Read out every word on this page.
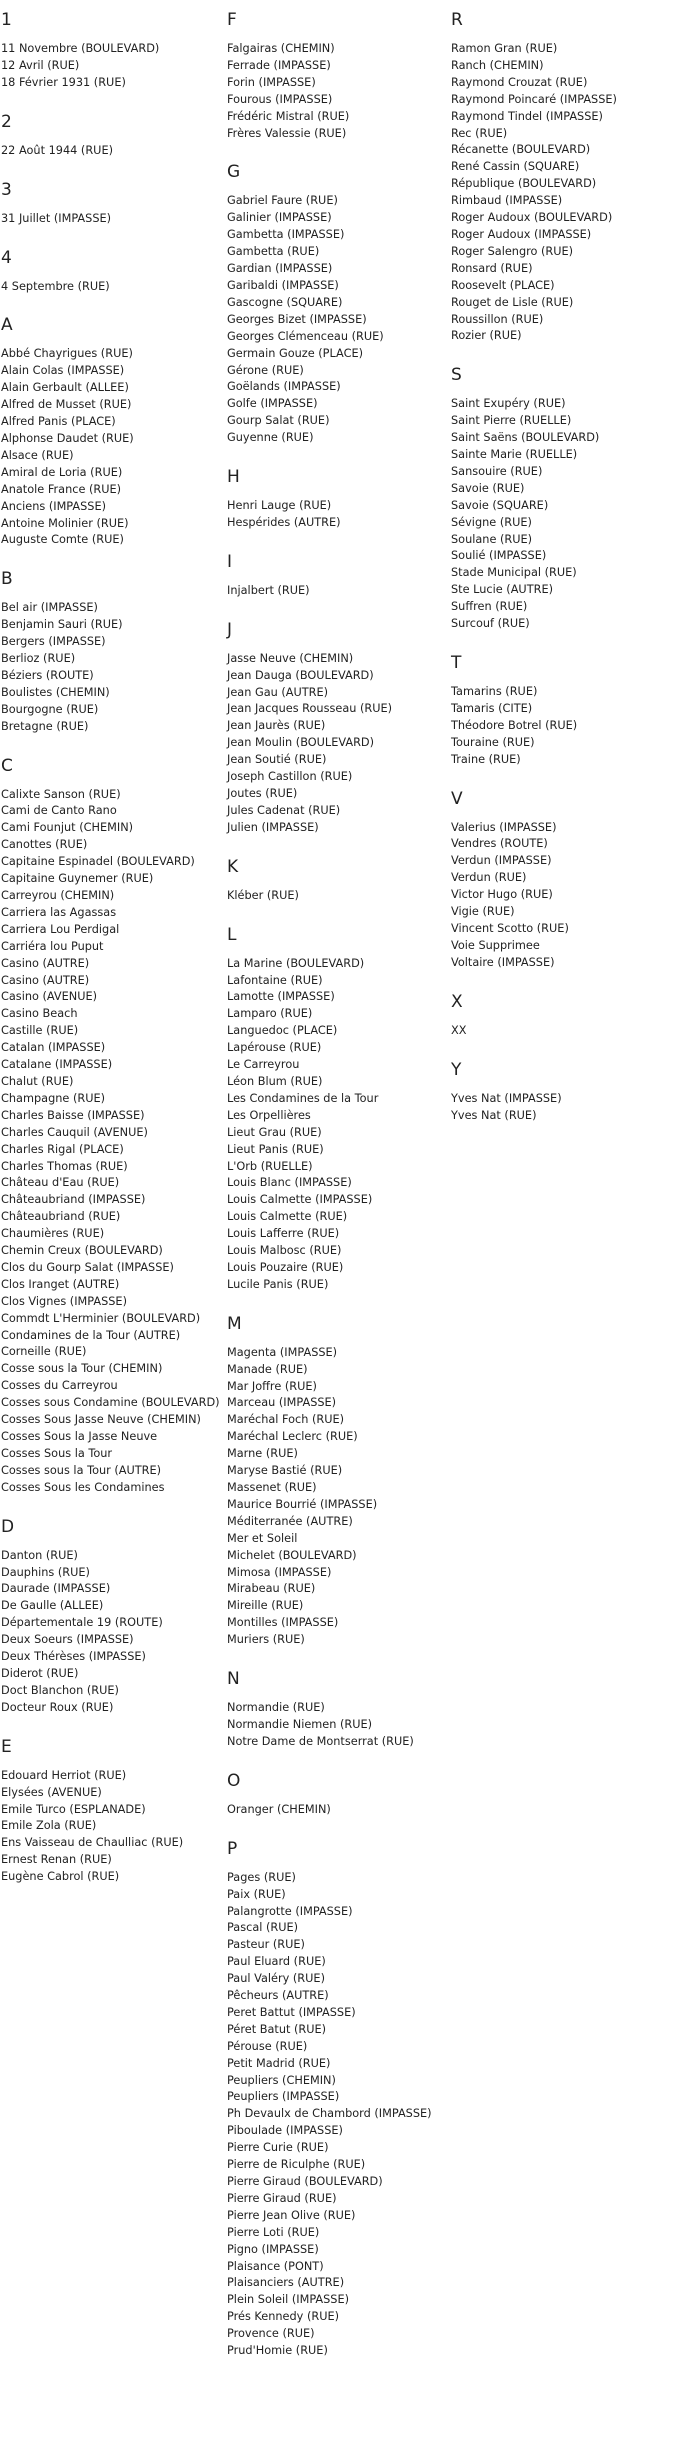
1
11 Novembre (BOULEVARD)
12 Avril (RUE)
18 Février 1931 (RUE)
2
22 Août 1944 (RUE)
3
31 Juillet (IMPASSE)
4
4 Septembre (RUE)
A
Abbé Chayrigues (RUE)
Alain Colas (IMPASSE)
Alain Gerbault (ALLEE)
Alfred de Musset (RUE)
Alfred Panis (PLACE)
Alphonse Daudet (RUE)
Alsace (RUE)
Amiral de Loria (RUE)
Anatole France (RUE)
Anciens (IMPASSE)
Antoine Molinier (RUE)
Auguste Comte (RUE)
B
Bel air (IMPASSE)
Benjamin Sauri (RUE)
Bergers (IMPASSE)
Berlioz (RUE)
Béziers (ROUTE)
Boulistes (CHEMIN)
Bourgogne (RUE)
Bretagne (RUE)
C
Calixte Sanson (RUE)
Cami de Canto Rano
Cami Founjut (CHEMIN)
Canottes (RUE)
Capitaine Espinadel (BOULEVARD)
Capitaine Guynemer (RUE)
Carreyrou (CHEMIN)
Carriera las Agassas
Carriera Lou Perdigal
Carriéra lou Puput
Casino (AUTRE)
Casino (AUTRE)
Casino (AVENUE)
Casino Beach
Castille (RUE)
Catalan (IMPASSE)
Catalane (IMPASSE)
Chalut (RUE)
Champagne (RUE)
Charles Baisse (IMPASSE)
Charles Cauquil (AVENUE)
Charles Rigal (PLACE)
Charles Thomas (RUE)
Château d'Eau (RUE)
Châteaubriand (IMPASSE)
Châteaubriand (RUE)
Chaumières (RUE)
Chemin Creux (BOULEVARD)
Clos du Gourp Salat (IMPASSE)
Clos Iranget (AUTRE)
Clos Vignes (IMPASSE)
Commdt L'Herminier (BOULEVARD)
Condamines de la Tour (AUTRE)
Corneille (RUE)
Cosse sous la Tour (CHEMIN)
Cosses du Carreyrou
Cosses sous Condamine (BOULEVARD)
Cosses Sous Jasse Neuve (CHEMIN)
Cosses Sous la Jasse Neuve
Cosses Sous la Tour
Cosses sous la Tour (AUTRE)
Cosses Sous les Condamines
D
Danton (RUE)
Dauphins (RUE)
Daurade (IMPASSE)
De Gaulle (ALLEE)
Départementale 19 (ROUTE)
Deux Soeurs (IMPASSE)
Deux Thérèses (IMPASSE)
Diderot (RUE)
Doct Blanchon (RUE)
Docteur Roux (RUE)
E
Edouard Herriot (RUE)
Elysées (AVENUE)
Emile Turco (ESPLANADE)
Emile Zola (RUE)
Ens Vaisseau de Chaulliac (RUE)
Ernest Renan (RUE)
Eugène Cabrol (RUE)
F
Falgairas (CHEMIN)
Ferrade (IMPASSE)
Forin (IMPASSE)
Fourous (IMPASSE)
Frédéric Mistral (RUE)
Frères Valessie (RUE)
G
Gabriel Faure (RUE)
Galinier (IMPASSE)
Gambetta (IMPASSE)
Gambetta (RUE)
Gardian (IMPASSE)
Garibaldi (IMPASSE)
Gascogne (SQUARE)
Georges Bizet (IMPASSE)
Georges Clémenceau (RUE)
Germain Gouze (PLACE)
Gérone (RUE)
Goëlands (IMPASSE)
Golfe (IMPASSE)
Gourp Salat (RUE)
Guyenne (RUE)
H
Henri Lauge (RUE)
Hespérides (AUTRE)
I
Injalbert (RUE)
J
Jasse Neuve (CHEMIN)
Jean Dauga (BOULEVARD)
Jean Gau (AUTRE)
Jean Jacques Rousseau (RUE)
Jean Jaurès (RUE)
Jean Moulin (BOULEVARD)
Jean Soutié (RUE)
Joseph Castillon (RUE)
Joutes (RUE)
Jules Cadenat (RUE)
Julien (IMPASSE)
K
Kléber (RUE)
L
La Marine (BOULEVARD)
Lafontaine (RUE)
Lamotte (IMPASSE)
Lamparo (RUE)
Languedoc (PLACE)
Lapérouse (RUE)
Le Carreyrou
Léon Blum (RUE)
Les Condamines de la Tour
Les Orpellières
Lieut Grau (RUE)
Lieut Panis (RUE)
L'Orb (RUELLE)
Louis Blanc (IMPASSE)
Louis Calmette (IMPASSE)
Louis Calmette (RUE)
Louis Lafferre (RUE)
Louis Malbosc (RUE)
Louis Pouzaire (RUE)
Lucile Panis (RUE)
M
Magenta (IMPASSE)
Manade (RUE)
Mar Joffre (RUE)
Marceau (IMPASSE)
Maréchal Foch (RUE)
Maréchal Leclerc (RUE)
Marne (RUE)
Maryse Bastié (RUE)
Massenet (RUE)
Maurice Bourrié (IMPASSE)
Méditerranée (AUTRE)
Mer et Soleil
Michelet (BOULEVARD)
Mimosa (IMPASSE)
Mirabeau (RUE)
Mireille (RUE)
Montilles (IMPASSE)
Muriers (RUE)
N
Normandie (RUE)
Normandie Niemen (RUE)
Notre Dame de Montserrat (RUE)
O
Oranger (CHEMIN)
P
Pages (RUE)
Paix (RUE)
Palangrotte (IMPASSE)
Pascal (RUE)
Pasteur (RUE)
Paul Eluard (RUE)
Paul Valéry (RUE)
Pêcheurs (AUTRE)
Peret Battut (IMPASSE)
Péret Batut (RUE)
Pérouse (RUE)
Petit Madrid (RUE)
Peupliers (CHEMIN)
Peupliers (IMPASSE)
Ph Devaulx de Chambord (IMPASSE)
Piboulade (IMPASSE)
Pierre Curie (RUE)
Pierre de Riculphe (RUE)
Pierre Giraud (BOULEVARD)
Pierre Giraud (RUE)
Pierre Jean Olive (RUE)
Pierre Loti (RUE)
Pigno (IMPASSE)
Plaisance (PONT)
Plaisanciers (AUTRE)
Plein Soleil (IMPASSE)
Prés Kennedy (RUE)
Provence (RUE)
Prud'Homie (RUE)
R
Ramon Gran (RUE)
Ranch (CHEMIN)
Raymond Crouzat (RUE)
Raymond Poincaré (IMPASSE)
Raymond Tindel (IMPASSE)
Rec (RUE)
Récanette (BOULEVARD)
René Cassin (SQUARE)
République (BOULEVARD)
Rimbaud (IMPASSE)
Roger Audoux (BOULEVARD)
Roger Audoux (IMPASSE)
Roger Salengro (RUE)
Ronsard (RUE)
Roosevelt (PLACE)
Rouget de Lisle (RUE)
Roussillon (RUE)
Rozier (RUE)
S
Saint Exupéry (RUE)
Saint Pierre (RUELLE)
Saint Saëns (BOULEVARD)
Sainte Marie (RUELLE)
Sansouire (RUE)
Savoie (RUE)
Savoie (SQUARE)
Sévigne (RUE)
Soulane (RUE)
Soulié (IMPASSE)
Stade Municipal (RUE)
Ste Lucie (AUTRE)
Suffren (RUE)
Surcouf (RUE)
T
Tamarins (RUE)
Tamaris (CITE)
Théodore Botrel (RUE)
Touraine (RUE)
Traine (RUE)
V
Valerius (IMPASSE)
Vendres (ROUTE)
Verdun (IMPASSE)
Verdun (RUE)
Victor Hugo (RUE)
Vigie (RUE)
Vincent Scotto (RUE)
Voie Supprimee
Voltaire (IMPASSE)
X
XX
Y
Yves Nat (IMPASSE)
Yves Nat (RUE)
